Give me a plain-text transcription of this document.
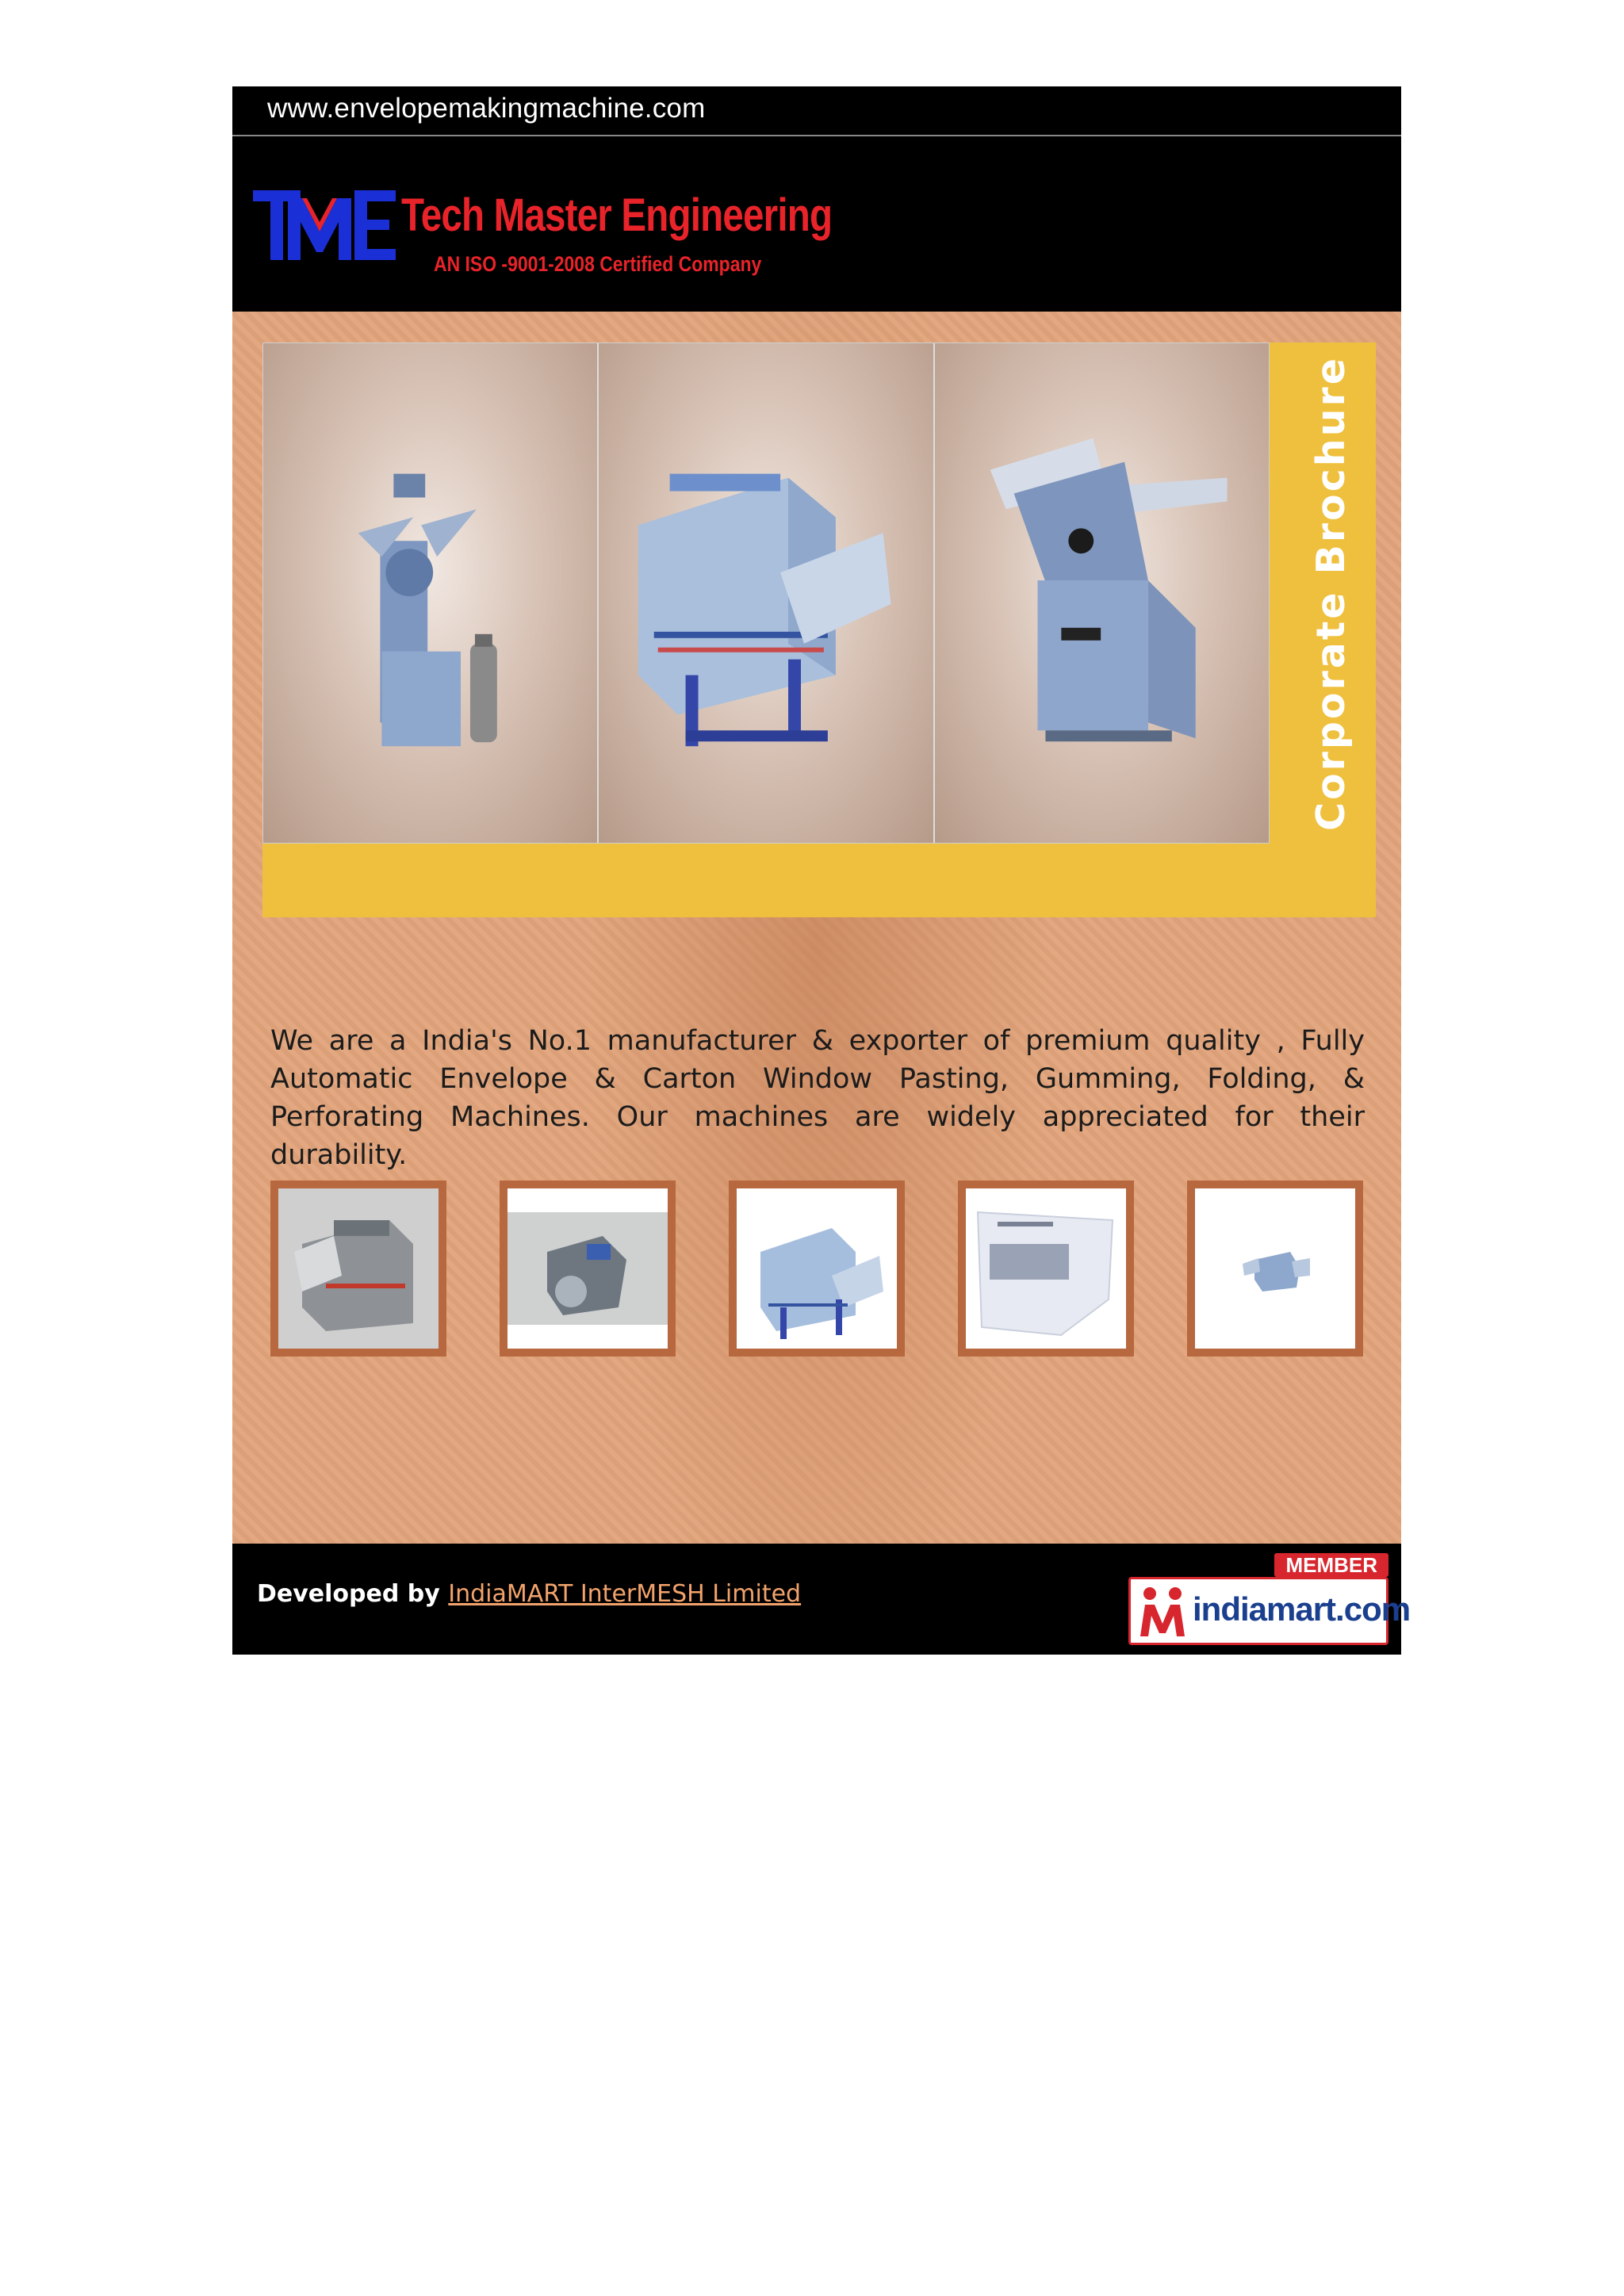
www.envelopemakingmachine.com
Tech Master Engineering
AN ISO -9001-2008 Certified Company
Corporate Brochure

We are a India's No.1 manufacturer & exporter of premium quality , Fully Automatic Envelope & Carton Window Pasting, Gumming, Folding, & Perforating Machines. Our machines are widely appreciated for their durability.

Developed by IndiaMART InterMESH Limited
MEMBER
indiamart.com
